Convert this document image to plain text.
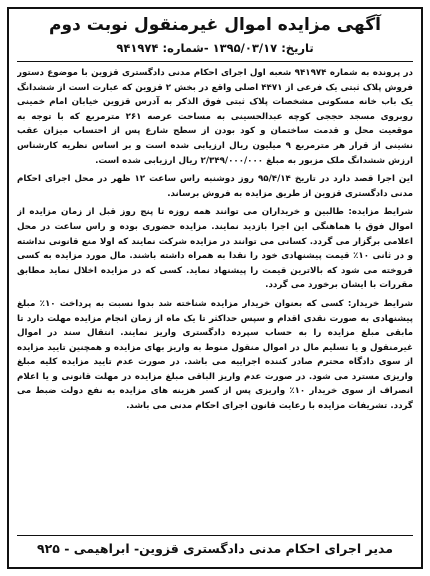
آگهی مزایده اموال غیرمنقول نوبت دوم
تاریخ: ۱۳۹۵/۰۳/۱۷ -شماره: ۹۴۱۹۷۴

در پرونده به شماره ۹۴۱۹۷۴ شعبه اول اجرای احکام مدنی دادگستری قزوین با موضوع دستور فروش پلاک ثبتی یک فرعی از ۴۴۷۱ اصلی واقع در بخش ۲ قزوین که عبارت است از ششدانگ یک باب خانه مسکونی مشخصات پلاک ثبتی فوق الذکر به آدرس قزوین خیابان امام خمینی روبروی مسجد حججی کوچه عبدالحسینی به مساحت عرصه ۲۶۱ مترمربع که با توجه به موقعیت محل و قدمت ساختمان و کود بودن از سطح شارع پس از احتساب میزان عقب نشینی از قرار هر مترمربع ۹ میلیون ریال ارزیابی شده است و بر اساس نظریه کارشناس ارزش ششدانگ ملک مزبور به مبلغ ۲/۳۴۹/۰۰۰/۰۰۰ ریال ارزیابی شده است.

این اجرا قصد دارد در تاریخ ۹۵/۴/۱۴ روز دوشنبه راس ساعت ۱۲ ظهر در محل اجرای احکام مدنی دادگستری قزوین از طریق مزایده به فروش برساند.

شرایط مزایده: طالبین و خریداران می توانند همه روزه تا پنج روز قبل از زمان مزایده از اموال فوق با هماهنگی این اجرا بازدید نمایند. مزایده حضوری بوده و راس ساعت در محل اعلامی برگزار می گردد. کسانی می توانند در مزایده شرکت نمایند که اولا منع قانونی نداشته و در ثانی ۱۰٪ قیمت پیشنهادی خود را نقدا به همراه داشته باشند. مال مورد مزایده به کسی فروخته می شود که بالاترین قیمت را پیشنهاد نماید. کسی که در مزایده اخلال نماید مطابق مقررات با ایشان برخورد می گردد.

شرایط خریدار: کسی که بعنوان خریدار مزایده شناخته شد بدوا نسبت به پرداخت ۱۰٪ مبلغ پیشنهادی به صورت نقدی اقدام و سپس حداکثر تا یک ماه از زمان انجام مزایده مهلت دارد تا مابقی مبلغ مزایده را به حساب سپرده دادگستری واریز نمایند. انتقال سند در اموال غیرمنقول و یا تسلیم مال در اموال منقول منوط به واریز بهای مزایده و همچنین تایید مزایده از سوی دادگاه محترم صادر کننده اجراییه می باشد. در صورت عدم تایید مزایده کلیه مبلغ واریزی مسترد می شود. در صورت عدم واریز الباقی مبلغ مزایده در مهلت قانونی و یا اعلام انصراف از سوی خریدار ۱۰٪ واریزی پس از کسر هزینه های مزایده به نفع دولت ضبط می گردد. تشریفات مزایده با رعایت قانون اجرای احکام مدنی می باشد.

مدیر اجرای احکام مدنی دادگستری قزوین- ابراهیمی - ۹۲۵
